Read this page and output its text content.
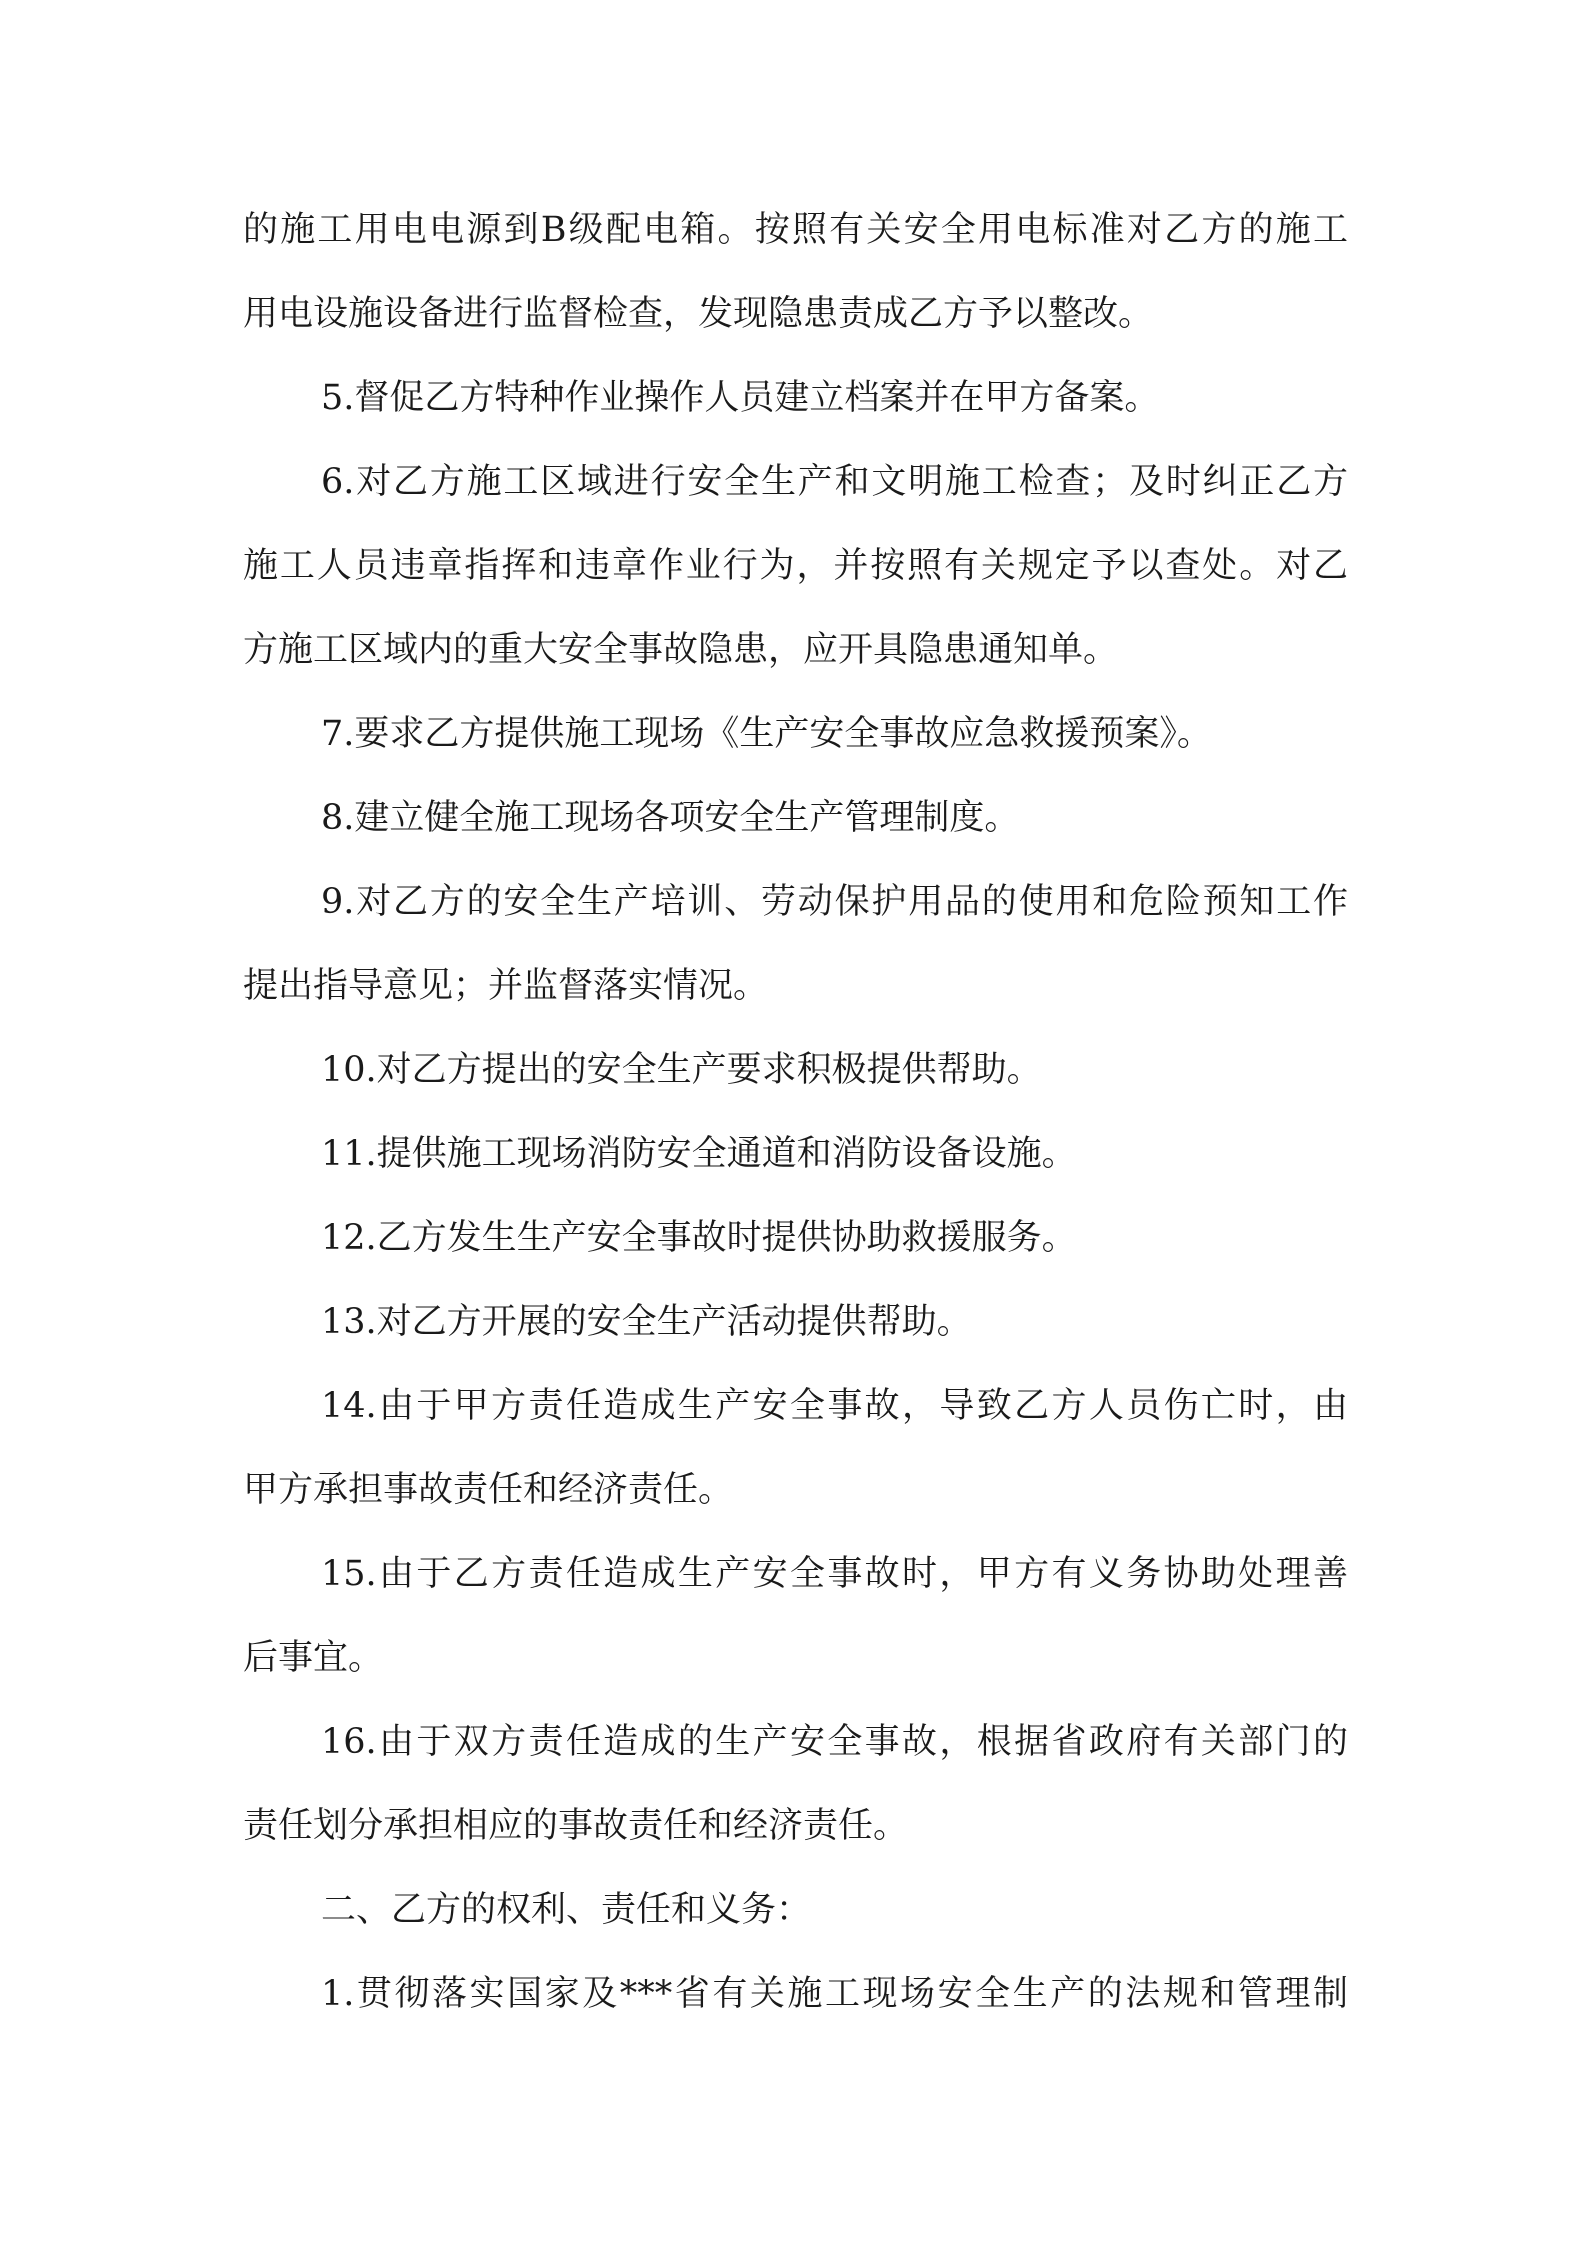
的施工用电电源到B级配电箱。按照有关安全用电标准对乙方的施工
用电设施设备进行监督检查，发现隐患责成乙方予以整改。
5.督促乙方特种作业操作人员建立档案并在甲方备案。
6.对乙方施工区域进行安全生产和文明施工检查；及时纠正乙方
施工人员违章指挥和违章作业行为，并按照有关规定予以查处。对乙
方施工区域内的重大安全事故隐患，应开具隐患通知单。
7.要求乙方提供施工现场《生产安全事故应急救援预案》。
8.建立健全施工现场各项安全生产管理制度。
9.对乙方的安全生产培训、劳动保护用品的使用和危险预知工作
提出指导意见；并监督落实情况。
10.对乙方提出的安全生产要求积极提供帮助。
11.提供施工现场消防安全通道和消防设备设施。
12.乙方发生生产安全事故时提供协助救援服务。
13.对乙方开展的安全生产活动提供帮助。
14.由于甲方责任造成生产安全事故，导致乙方人员伤亡时，由
甲方承担事故责任和经济责任。
15.由于乙方责任造成生产安全事故时，甲方有义务协助处理善
后事宜。
16.由于双方责任造成的生产安全事故，根据省政府有关部门的
责任划分承担相应的事故责任和经济责任。
二、乙方的权利、责任和义务：
1.贯彻落实国家及***省有关施工现场安全生产的法规和管理制
